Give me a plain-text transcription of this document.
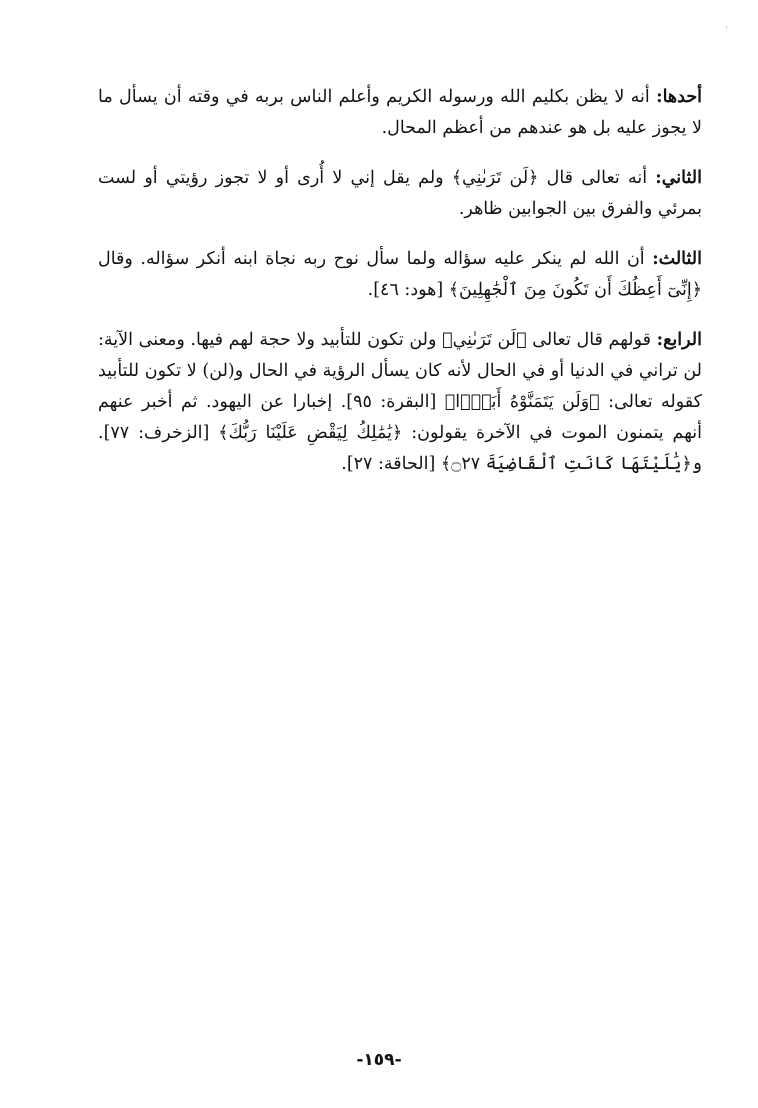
أحدها: أنه لا يظن بكليم الله ورسوله الكريم وأعلم الناس بربه في وقته أن يسأل ما لا يجوز عليه بل هو عندهم من أعظم المحال.

الثاني: أنه تعالى قال ﴿لَن تَرَىٰنِي﴾ ولم يقل إني لا أُرى أو لا تجوز رؤيتي أو لست بمرئي والفرق بين الجوابين ظاهر.

الثالث: أن الله لم ينكر عليه سؤاله ولما سأل نوح ربه نجاة ابنه أنكر سؤاله. وقال ﴿إِنِّىٓ أَعِظُكَ أَن تَكُونَ مِنَ ٱلْجَٰهِلِينَ﴾ [هود: ٤٦].

الرابع: قولهم قال تعالى ﴿لَن تَرَىٰنِي﴾ ولن تكون للتأبيد ولا حجة لهم فيها. ومعنى الآية: لن تراني في الدنيا أو في الحال لأنه كان يسأل الرؤية في الحال و(لن) لا تكون للتأبيد كقوله تعالى: ﴿وَلَن يَتَمَنَّوْهُ أَبَدًۢا﴾ [البقرة: ٩٥]. إخبارا عن اليهود. ثم أخبر عنهم أنهم يتمنون الموت في الآخرة يقولون: ﴿يَٰمَٰلِكُ لِيَقْضِ عَلَيْنَا رَبُّكَ﴾ [الزخرف: ٧٧]. و﴿يَٰلَيْتَهَا كَانَتِ ٱلْقَاضِيَةَ ۝٢٧﴾ [الحاقة: ٢٧].

-١٥٩-
